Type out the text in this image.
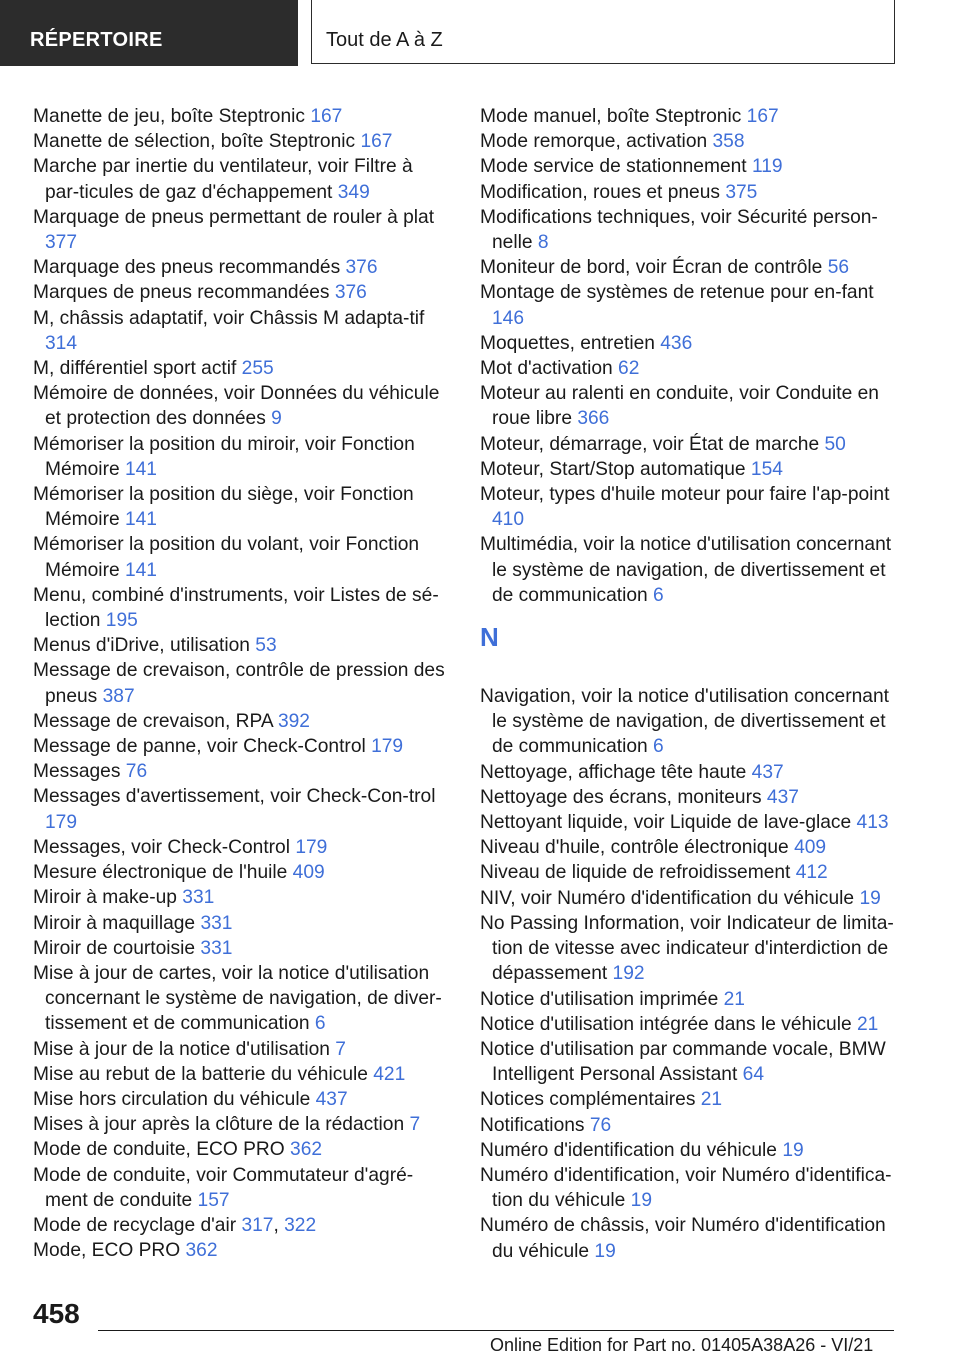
RÉPERTOIRE	Tout de A à Z
Manette de jeu, boîte Steptronic 167
Manette de sélection, boîte Steptronic 167
Marche par inertie du ventilateur, voir Filtre à par-ticules de gaz d'échappement 349
Marquage de pneus permettant de rouler à plat 377
Marquage des pneus recommandés 376
Marques de pneus recommandées 376
M, châssis adaptatif, voir Châssis M adapta-tif 314
M, différentiel sport actif 255
Mémoire de données, voir Données du véhicule et protection des données 9
Mémoriser la position du miroir, voir Fonction Mémoire 141
Mémoriser la position du siège, voir Fonction Mémoire 141
Mémoriser la position du volant, voir Fonction Mémoire 141
Menu, combiné d'instruments, voir Listes de sé-lection 195
Menus d'iDrive, utilisation 53
Message de crevaison, contrôle de pression des pneus 387
Message de crevaison, RPA 392
Message de panne, voir Check-Control 179
Messages 76
Messages d'avertissement, voir Check-Con-trol 179
Messages, voir Check-Control 179
Mesure électronique de l'huile 409
Miroir à make-up 331
Miroir à maquillage 331
Miroir de courtoisie 331
Mise à jour de cartes, voir la notice d'utilisation concernant le système de navigation, de diver-tissement et de communication 6
Mise à jour de la notice d'utilisation 7
Mise au rebut de la batterie du véhicule 421
Mise hors circulation du véhicule 437
Mises à jour après la clôture de la rédaction 7
Mode de conduite, ECO PRO 362
Mode de conduite, voir Commutateur d'agré-ment de conduite 157
Mode de recyclage d'air 317, 322
Mode, ECO PRO 362
Mode manuel, boîte Steptronic 167
Mode remorque, activation 358
Mode service de stationnement 119
Modification, roues et pneus 375
Modifications techniques, voir Sécurité person-nelle 8
Moniteur de bord, voir Écran de contrôle 56
Montage de systèmes de retenue pour en-fant 146
Moquettes, entretien 436
Mot d'activation 62
Moteur au ralenti en conduite, voir Conduite en roue libre 366
Moteur, démarrage, voir État de marche 50
Moteur, Start/Stop automatique 154
Moteur, types d'huile moteur pour faire l'ap-point 410
Multimédia, voir la notice d'utilisation concernant le système de navigation, de divertissement et de communication 6
N
Navigation, voir la notice d'utilisation concernant le système de navigation, de divertissement et de communication 6
Nettoyage, affichage tête haute 437
Nettoyage des écrans, moniteurs 437
Nettoyant liquide, voir Liquide de lave-glace 413
Niveau d'huile, contrôle électronique 409
Niveau de liquide de refroidissement 412
NIV, voir Numéro d'identification du véhicule 19
No Passing Information, voir Indicateur de limita-tion de vitesse avec indicateur d'interdiction de dépassement 192
Notice d'utilisation imprimée 21
Notice d'utilisation intégrée dans le véhicule 21
Notice d'utilisation par commande vocale, BMW Intelligent Personal Assistant 64
Notices complémentaires 21
Notifications 76
Numéro d'identification du véhicule 19
Numéro d'identification, voir Numéro d'identifica-tion du véhicule 19
Numéro de châssis, voir Numéro d'identification du véhicule 19
458
Online Edition for Part no. 01405A38A26 - VI/21
